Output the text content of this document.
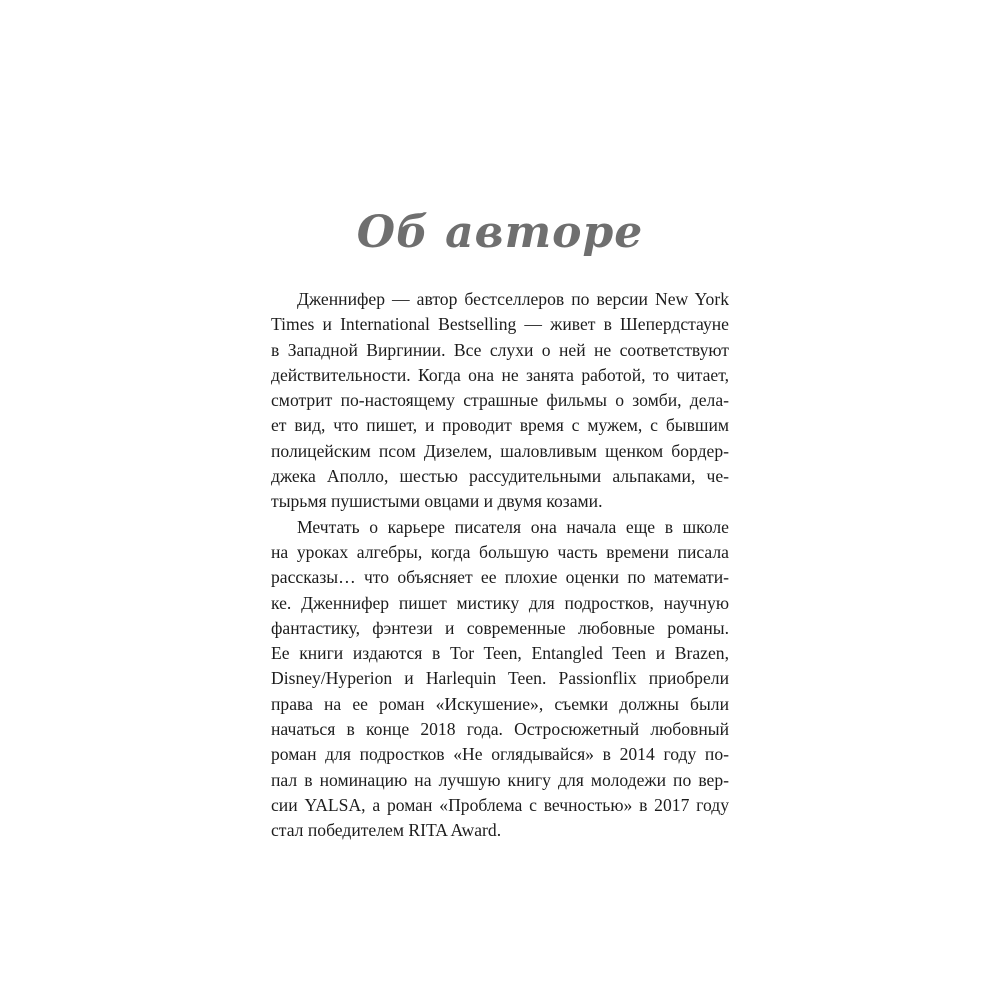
Об авторе

Дженнифер — автор бестселлеров по версии New York
Times и International Bestselling — живет в Шепердстауне
в Западной Виргинии. Все слухи о ней не соответствуют
действительности. Когда она не занята работой, то читает,
смотрит по-настоящему страшные фильмы о зомби, дела-
ет вид, что пишет, и проводит время с мужем, с бывшим
полицейским псом Дизелем, шаловливым щенком бордер-
джека Аполло, шестью рассудительными альпаками, че-
тырьмя пушистыми овцами и двумя козами.

Мечтать о карьере писателя она начала еще в школе
на уроках алгебры, когда большую часть времени писала
рассказы… что объясняет ее плохие оценки по математи-
ке. Дженнифер пишет мистику для подростков, научную
фантастику, фэнтези и современные любовные романы.
Ее книги издаются в Tor Teen, Entangled Teen и Brazen,
Disney/Hyperion и Harlequin Teen. Passionflix приобрели
права на ее роман «Искушение», съемки должны были
начаться в конце 2018 года. Остросюжетный любовный
роман для подростков «Не оглядывайся» в 2014 году по-
пал в номинацию на лучшую книгу для молодежи по вер-
сии YALSA, а роман «Проблема с вечностью» в 2017 году
стал победителем RITA Award.
